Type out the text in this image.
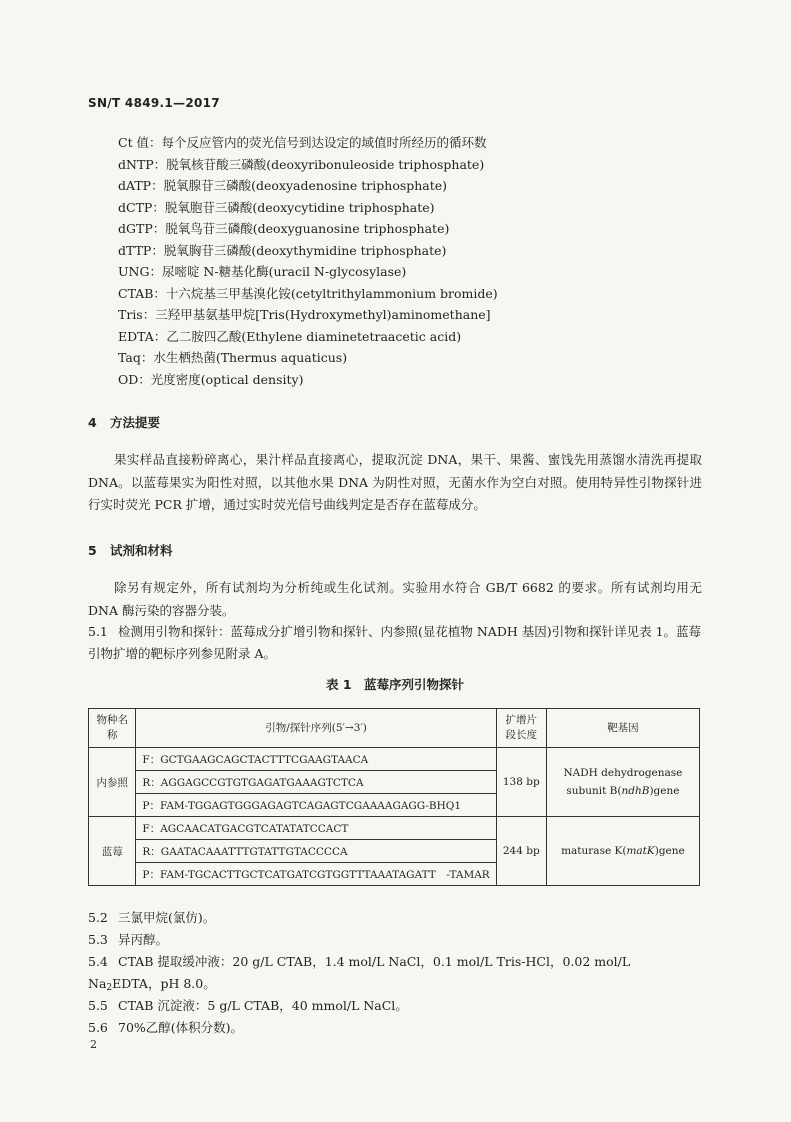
SN/T 4849.1—2017
Ct 值：每个反应管内的荧光信号到达设定的域值时所经历的循环数
dNTP：脱氧核苷酸三磷酸(deoxyribonuleoside triphosphate)
dATP：脱氧腺苷三磷酸(deoxyadenosine triphosphate)
dCTP：脱氧胞苷三磷酸(deoxycytidine triphosphate)
dGTP：脱氧鸟苷三磷酸(deoxyguanosine triphosphate)
dTTP：脱氧胸苷三磷酸(deoxythymidine triphosphate)
UNG：尿嘧啶 N-糖基化酶(uracil N-glycosylase)
CTAB：十六烷基三甲基溴化铵(cetyltrithylammonium bromide)
Tris：三羟甲基氨基甲烷[Tris(Hydroxymethyl)aminomethane]
EDTA：乙二胺四乙酸(Ethylene diaminetetraacetic acid)
Taq：水生栖热菌(Thermus aquaticus)
OD：光度密度(optical density)
4 方法提要

果实样品直接粉碎离心，果汁样品直接离心，提取沉淀 DNA，果干、果酱、蜜饯先用蒸馏水清洗再提取 DNA。以蓝莓果实为阳性对照，以其他水果 DNA 为阴性对照，无菌水作为空白对照。使用特异性引物探针进行实时荧光 PCR 扩增，通过实时荧光信号曲线判定是否存在蓝莓成分。

5 试剂和材料

除另有规定外，所有试剂均为分析纯或生化试剂。实验用水符合 GB/T 6682 的要求。所有试剂均用无 DNA 酶污染的容器分装。

5.1 检测用引物和探针：蓝莓成分扩增引物和探针、内参照(显花植物 NADH 基因)引物和探针详见表 1。蓝莓引物扩增的靶标序列参见附录 A。

表 1　蓝莓序列引物探针
物种名称	引物/探针序列(5′→3′)	扩增片段长度	靶基因
内参照	F：GCTGAAGCAGCTACTTTCGAAGTAACA	138 bp	NADH dehydrogenase
subunit B(ndhB)gene
	R：AGGAGCCGTGTGAGATGAAAGTCTCA		
	P：FAM-TGGAGTGGGAGAGTCAGAGTCGAAAAGAGG-BHQ1		
蓝莓	F：AGCAACATGACGTCATATATCCACT	244 bp	maturase K(matK)gene
	R：GAATACAAATTTGTATTGTACCCCA		
	P：FAM-TGCACTTGCTCATGATCGTGGTTTAAATAGATT　-TAMAR		

5.2 三氯甲烷(氯仿)。

5.3 异丙醇。

5.4 CTAB 提取缓冲液：20 g/L CTAB，1.4 mol/L NaCl，0.1 mol/L Tris-HCl，0.02 mol/L $Na_2EDTA$，pH 8.0。

5.5 CTAB 沉淀液：5 g/L CTAB，40 mmol/L NaCl。

5.6 70%乙醇(体积分数)。

2
